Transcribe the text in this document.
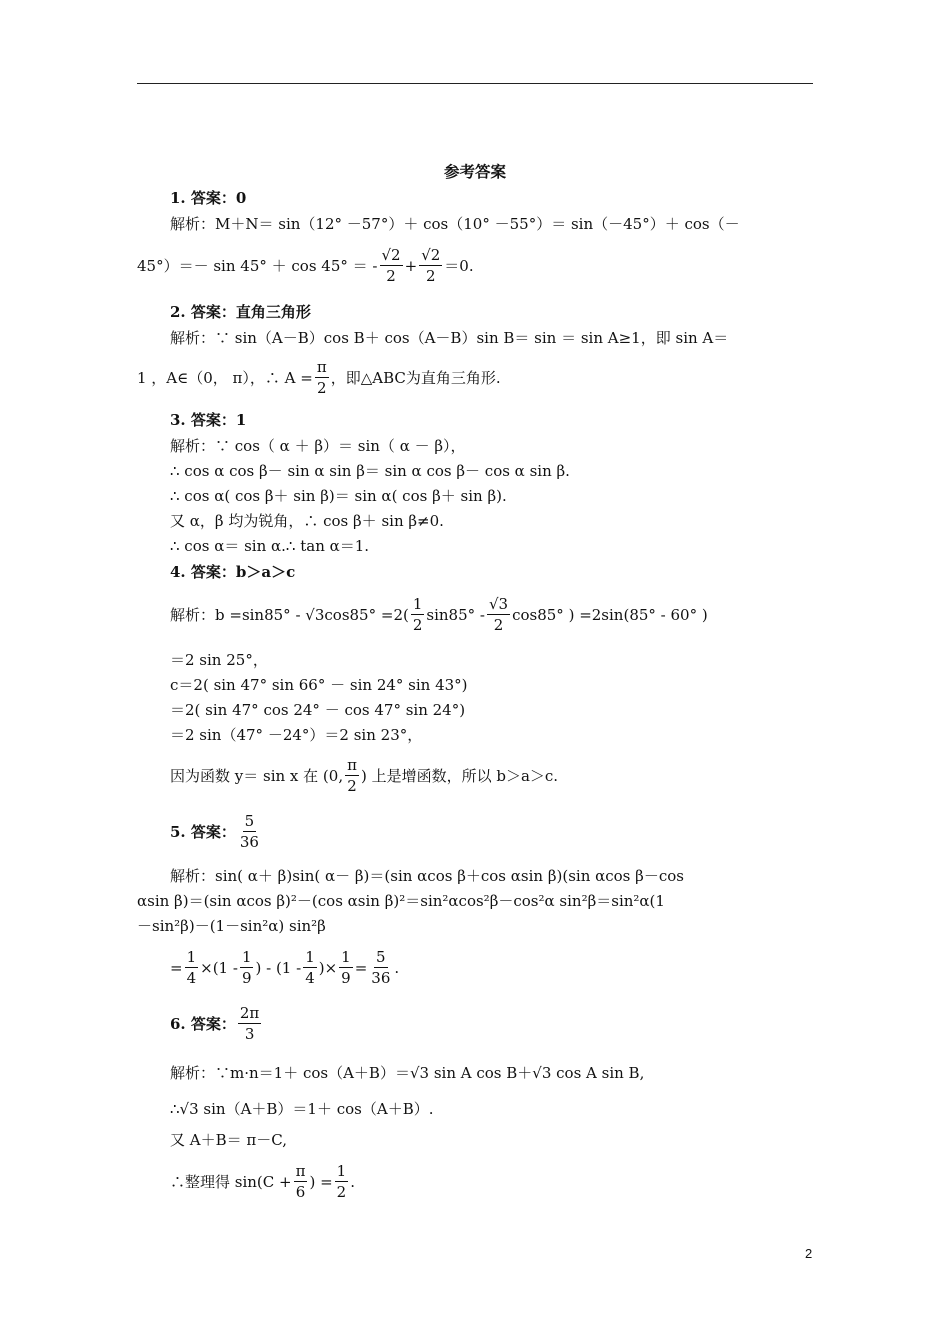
参考答案
1. 答案：0
解析：M＋N＝ sin（12° －57°）＋ cos（10° －55°）＝ sin（－45°）＋ cos（－
45°）＝－ sin 45° ＋ cos 45° ＝ - $\frac{√2}{2} + \frac{√2}{2} =0$.
2. 答案：直角三角形
解析：∵ sin（A－B）cos B＋ cos（A－B）sin B＝ sin ＝ sin A≥1，即 sin A＝
1 ，A∈（0， π），∴ $A = \frac{\pi}{2}$ ，即△ABC为直角三角形.
3. 答案：1
解析：∵ cos（ α ＋ β）＝ sin（ α － β），
∴ cos α cos β－ sin α sin β＝ sin α cos β－ cos α sin β.
∴ cos α( cos β＋ sin β)＝ sin α( cos β＋ sin β).
又 α，β 均为锐角，∴ cos β＋ sin β≠0.
∴ cos α＝ sin α.∴ tan α＝1.
4. 答案：b＞a＞c
解析：$b =\sin 85^\circ - √3\cos 85^\circ =2( \frac{1}{2} \sin 85^\circ - \frac{√3}{2} \cos 85^\circ$ ) =2sin(85° - 60° )
＝2 sin 25°，
c＝2( sin 47° sin 66° － sin 24° sin 43°)
＝2( sin 47° cos 24° － cos 47° sin 24°)
＝2 sin（47° －24°）＝2 sin 23°，
因为函数 y＝ sin x 在 (0, $\frac{\pi}{2}$ ) 上是增函数，所以 b＞a＞c.
5. 答案： $\frac{5}{36}$
解析：sin( α＋ β)sin( α－ β)＝(sin αcos β＋cos αsin β)(sin αcos β－cos
αsin β)＝(sin αcos β)²－(cos αsin β)²＝sin²αcos²β－cos²α sin²β＝sin²α(1
－sin²β)－(1－sin²α) sin²β
= $\frac{1}{4} \times(1 - \frac{1}{9}$ ) - ($1 - \frac{1}{4}$ )× $\frac{1}{9} = \frac{5}{36}$ .
6. 答案： $\frac{2\pi}{3}$
解析：∵m·n＝1＋ cos（A＋B）＝√3 sin A cos B＋√3 cos A sin B,
∴√3 sin（A＋B）＝1＋ cos（A＋B）.
又 A＋B＝ π－C,
∴整理得 $\sin(C + \frac{\pi}{6}$ ) = $\frac{1}{2}$ .
2
